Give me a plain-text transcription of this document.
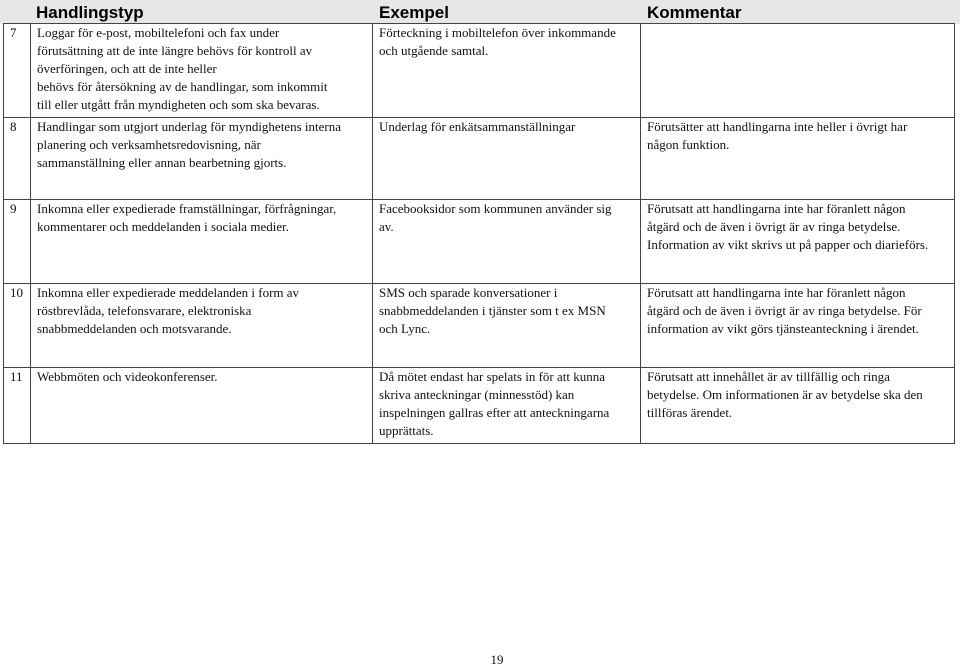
Handlingstyp	Exempel	Kommentar
7	Loggar för e-post, mobiltelefoni och fax under
förutsättning att de inte längre behövs för kontroll av
överföringen, och att de inte heller
behövs för återsökning av de handlingar, som inkommit
till eller utgått från myndigheten och som ska bevaras.	Förteckning i mobiltelefon över inkommande
och utgående samtal.	

8	Handlingar som utgjort underlag för myndighetens interna
planering och verksamhetsredovisning, när
sammanställning eller annan bearbetning gjorts.	Underlag för enkätsammanställningar	Förutsätter att handlingarna inte heller i övrigt har
någon funktion.

9	Inkomna eller expedierade framställningar, förfrågningar,
kommentarer och meddelanden i sociala medier.	Facebooksidor som kommunen använder sig
av.	Förutsatt att handlingarna inte har föranlett någon
åtgärd och de även i övrigt är av ringa betydelse.
Information av vikt skrivs ut på papper och diarieförs.

10	Inkomna eller expedierade meddelanden i form av
röstbrevlåda, telefonsvarare, elektroniska
snabbmeddelanden och motsvarande.	SMS och sparade konversationer i
snabbmeddelanden i tjänster som t ex MSN
och Lync.	Förutsatt att handlingarna inte har föranlett någon
åtgärd och de även i övrigt är av ringa betydelse. För
information av vikt görs tjänsteanteckning i ärendet.

11	Webbmöten och videokonferenser.	Då mötet endast har spelats in för att kunna
skriva anteckningar (minnesstöd) kan
inspelningen gallras efter att anteckningarna
upprättats.	Förutsatt att innehållet är av tillfällig och ringa
betydelse. Om informationen är av betydelse ska den
tillföras ärendet.
19
